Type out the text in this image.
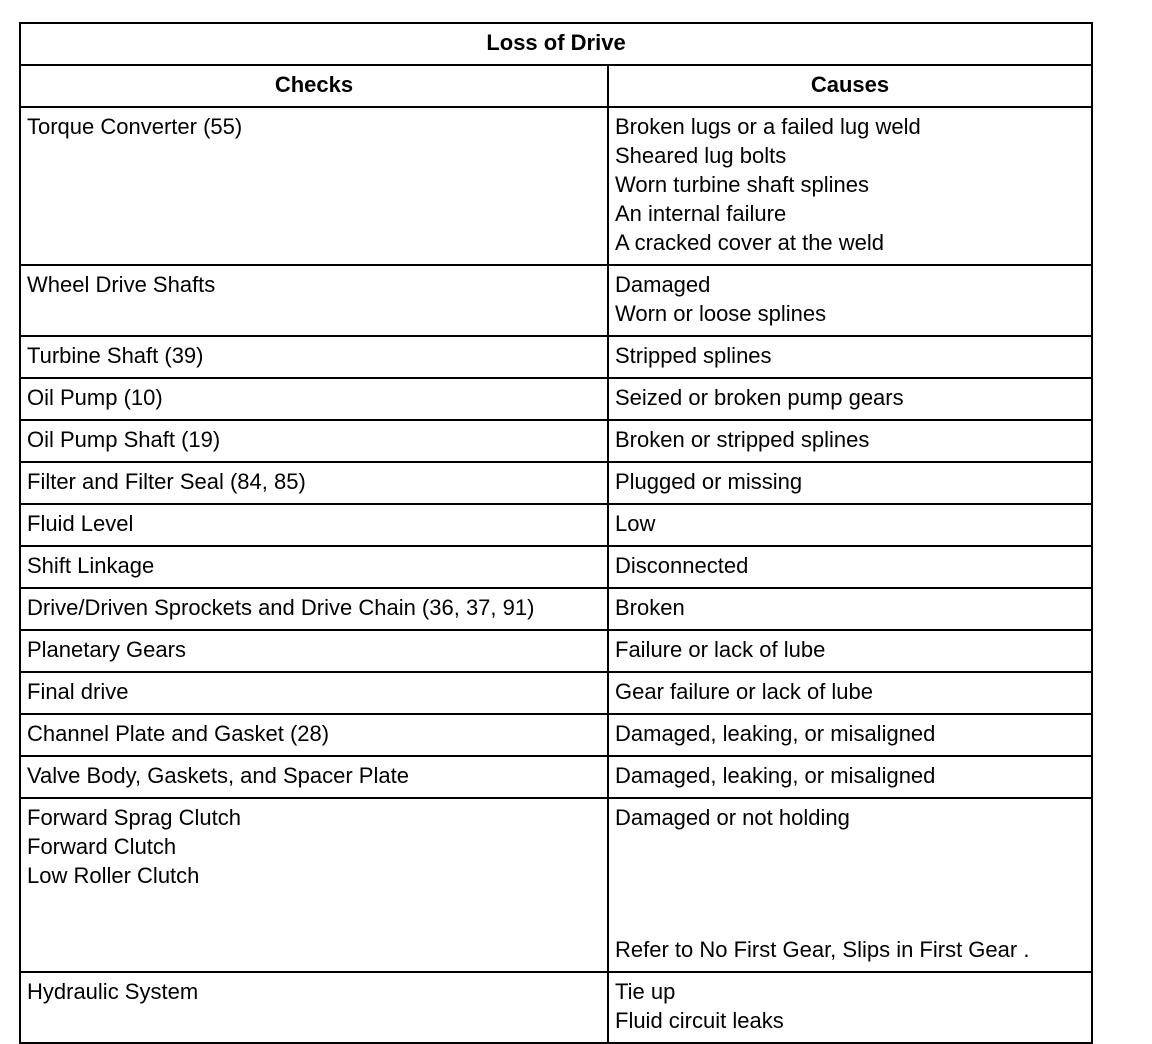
Loss of Drive	
Checks	Causes

Torque Converter (55)	Broken lugs or a failed lug weld
Sheared lug bolts
Worn turbine shaft splines
An internal failure
A cracked cover at the weld

Wheel Drive Shafts	Damaged
Worn or loose splines

Turbine Shaft (39)	Stripped splines
Oil Pump (10)	Seized or broken pump gears
Oil Pump Shaft (19)	Broken or stripped splines
Filter and Filter Seal (84, 85)	Plugged or missing
Fluid Level	Low
Shift Linkage	Disconnected
Drive/Driven Sprockets and Drive Chain (36, 37, 91)	Broken
Planetary Gears	Failure or lack of lube
Final drive	Gear failure or lack of lube
Channel Plate and Gasket (28)	Damaged, leaking, or misaligned
Valve Body, Gaskets, and Spacer Plate	Damaged, leaking, or misaligned

Forward Sprag Clutch
Forward Clutch
Low Roller Clutch	Damaged or not holding
Refer to No First Gear, Slips in First Gear .

Hydraulic System	Tie up
Fluid circuit leaks
